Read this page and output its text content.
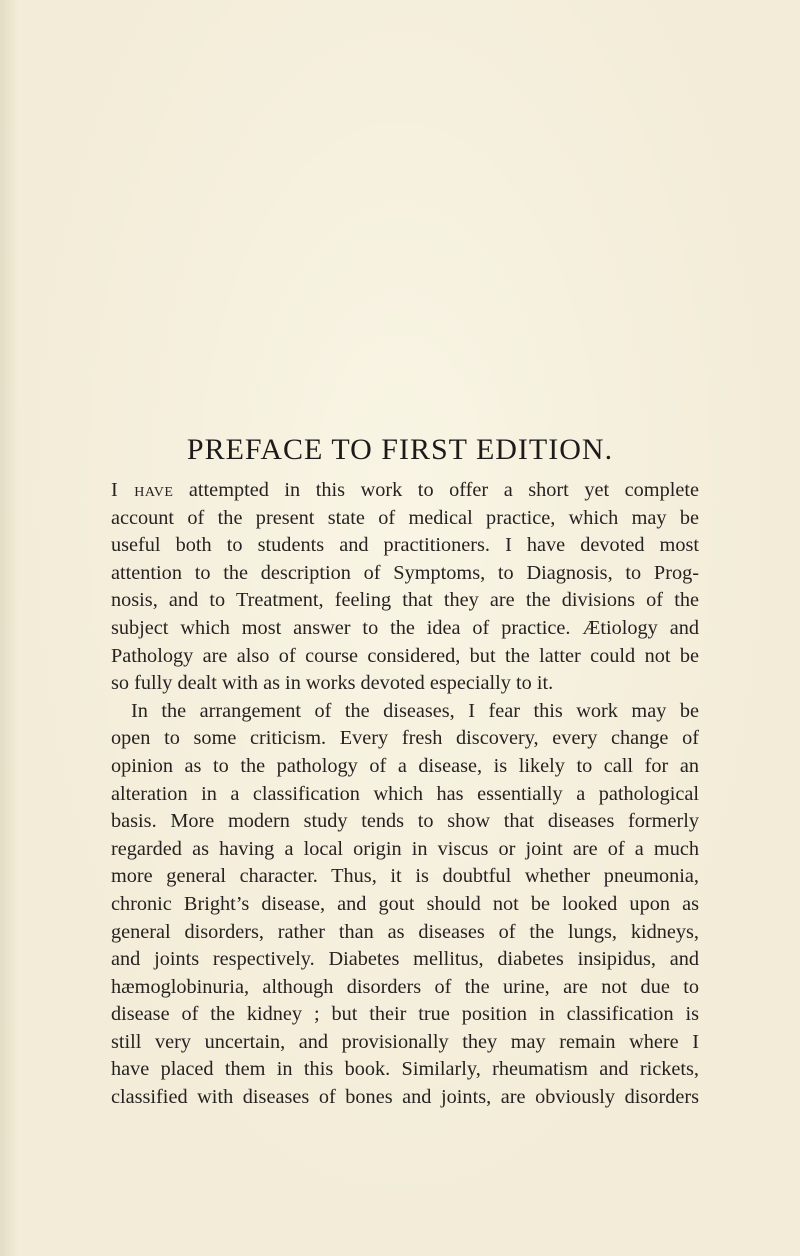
PREFACE TO FIRST EDITION.
I have attempted in this work to offer a short yet complete
account of the present state of medical practice, which may be
useful both to students and practitioners. I have devoted most
attention to the description of Symptoms, to Diagnosis, to Prog-
nosis, and to Treatment, feeling that they are the divisions of the
subject which most answer to the idea of practice. Ætiology and
Pathology are also of course considered, but the latter could not be
so fully dealt with as in works devoted especially to it.
In the arrangement of the diseases, I fear this work may be
open to some criticism. Every fresh discovery, every change of
opinion as to the pathology of a disease, is likely to call for an
alteration in a classification which has essentially a pathological
basis. More modern study tends to show that diseases formerly
regarded as having a local origin in viscus or joint are of a much
more general character. Thus, it is doubtful whether pneumonia,
chronic Bright’s disease, and gout should not be looked upon as
general disorders, rather than as diseases of the lungs, kidneys,
and joints respectively. Diabetes mellitus, diabetes insipidus, and
hæmoglobinuria, although disorders of the urine, are not due to
disease of the kidney ; but their true position in classification is
still very uncertain, and provisionally they may remain where I
have placed them in this book. Similarly, rheumatism and rickets,
classified with diseases of bones and joints, are obviously disorders
